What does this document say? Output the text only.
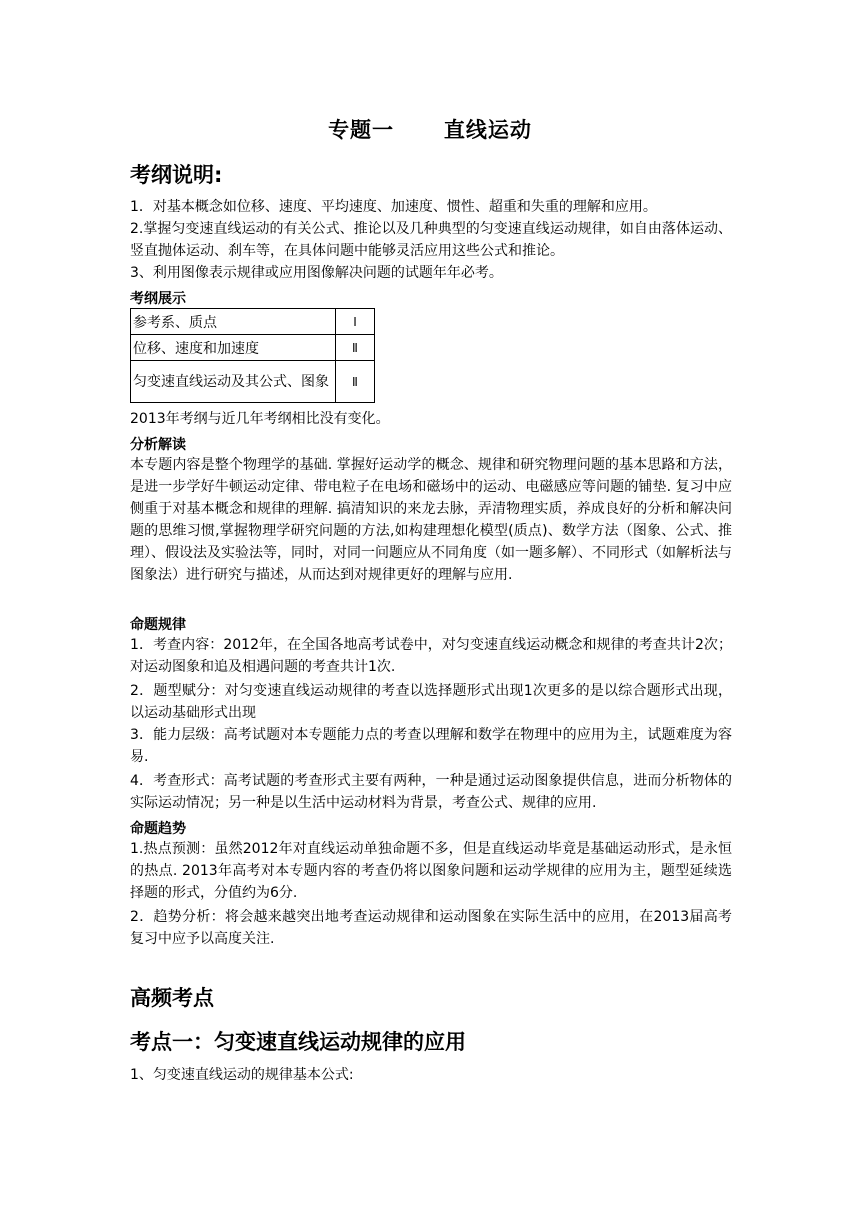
专题一      直线运动
考纲说明:

1．对基本概念如位移、速度、平均速度、加速度、惯性、超重和失重的理解和应用。

2.掌握匀变速直线运动的有关公式、推论以及几种典型的匀变速直线运动规律，如自由落体运动、竖直抛体运动、刹车等，在具体问题中能够灵活应用这些公式和推论。

3、利用图像表示规律或应用图像解决问题的试题年年必考。

考纲展示
参考系、质点	Ⅰ
位移、速度和加速度	Ⅱ
匀变速直线运动及其公式、图象	Ⅱ

2013年考纲与近几年考纲相比没有变化。

分析解读

本专题内容是整个物理学的基础. 掌握好运动学的概念、规律和研究物理问题的基本思路和方法，是进一步学好牛顿运动定律、带电粒子在电场和磁场中的运动、电磁感应等问题的铺垫. 复习中应侧重于对基本概念和规律的理解. 搞清知识的来龙去脉，弄清物理实质，养成良好的分析和解决问题的思维习惯,掌握物理学研究问题的方法,如构建理想化模型(质点)、数学方法（图象、公式、推理）、假设法及实验法等，同时，对同一问题应从不同角度（如一题多解）、不同形式（如解析法与图象法）进行研究与描述，从而达到对规律更好的理解与应用.

命题规律

1．考查内容：2012年，在全国各地高考试卷中，对匀变速直线运动概念和规律的考查共计2次；对运动图象和追及相遇问题的考查共计1次.

2．题型赋分：对匀变速直线运动规律的考查以选择题形式出现1次更多的是以综合题形式出现，以运动基础形式出现

3．能力层级：高考试题对本专题能力点的考查以理解和数学在物理中的应用为主，试题难度为容易.

4．考查形式：高考试题的考查形式主要有两种，一种是通过运动图象提供信息，进而分析物体的实际运动情况；另一种是以生活中运动材料为背景，考查公式、规律的应用.

命题趋势

1.热点预测：虽然2012年对直线运动单独命题不多，但是直线运动毕竟是基础运动形式，是永恒的热点. 2013年高考对本专题内容的考查仍将以图象问题和运动学规律的应用为主，题型延续选择题的形式，分值约为6分.

2．趋势分析：将会越来越突出地考查运动规律和运动图象在实际生活中的应用，在2013届高考复习中应予以高度关注.

高频考点
考点一：匀变速直线运动规律的应用

1、匀变速直线运动的规律基本公式:
